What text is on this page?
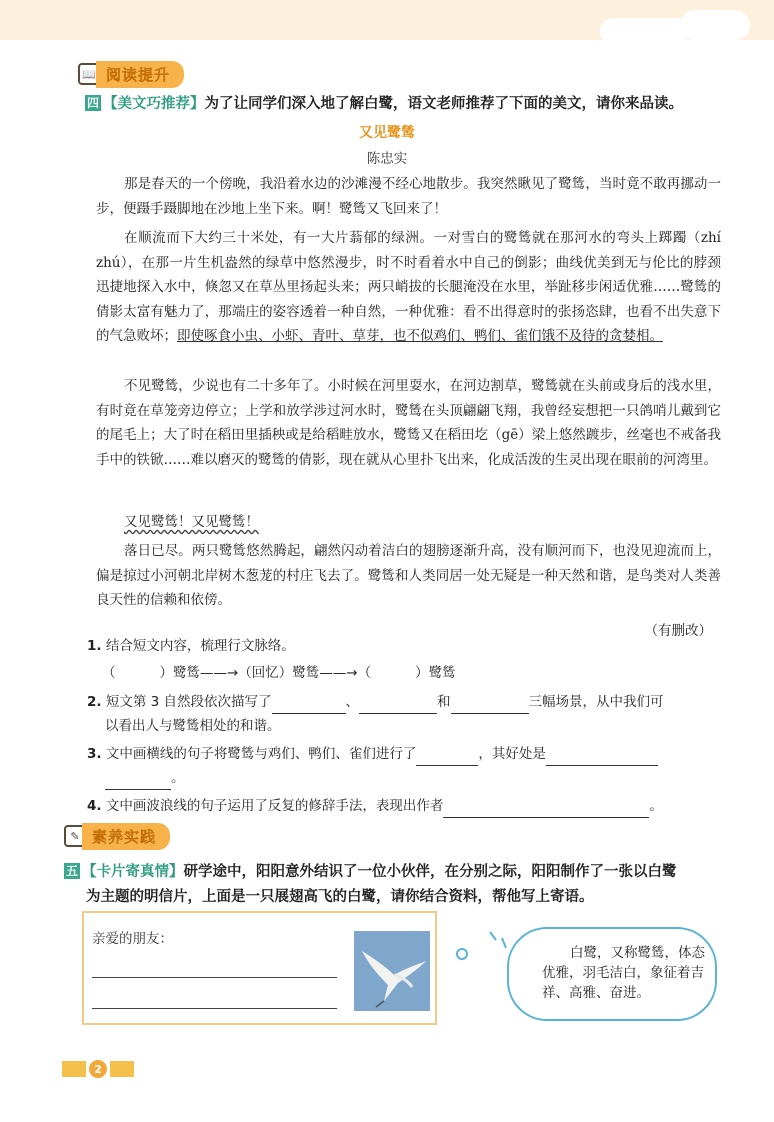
📖 阅读提升
四 【美文巧推荐】 为了让同学们深入地了解白鹭，语文老师推荐了下面的美文，请你来品读。
又见鹭鸶
陈忠实
那是春天的一个傍晚，我沿着水边的沙滩漫不经心地散步。我突然瞅见了鹭鸶，当时竟不敢再挪动一步，便蹑手蹑脚地在沙地上坐下来。啊！鹭鸶又飞回来了！
在顺流而下大约三十米处，有一大片蓊郁的绿洲。一对雪白的鹭鸶就在那河水的弯头上踯躅（zhí zhú），在那一片生机盎然的绿草中悠然漫步，时不时看着水中自己的倒影；曲线优美到无与伦比的脖颈迅捷地探入水中，倏忽又在草丛里扬起头来；两只峭拔的长腿淹没在水里，举趾移步闲适优雅……鹭鸶的倩影太富有魅力了，那端庄的姿容透着一种自然，一种优雅：看不出得意时的张扬恣肆，也看不出失意下的气急败坏；即使啄食小虫、小虾、青叶、草芽，也不似鸡们、鸭们、雀们饿不及待的贪婪相。
不见鹭鸶，少说也有二十多年了。小时候在河里耍水，在河边割草，鹭鸶就在头前或身后的浅水里，有时竟在草笼旁边停立；上学和放学涉过河水时，鹭鸶在头顶翩翩飞翔，我曾经妄想把一只鸽哨儿戴到它的尾毛上；大了时在稻田里插秧或是给稻畦放水，鹭鸶又在稻田圪（gē）梁上悠然踱步，丝毫也不戒备我手中的铁锨……难以磨灭的鹭鸶的倩影，现在就从心里扑飞出来，化成活泼的生灵出现在眼前的河湾里。
又见鹭鸶！又见鹭鸶！
落日已尽。两只鹭鸶悠然腾起，翩然闪动着洁白的翅膀逐渐升高，没有顺河而下，也没见迎流而上，偏是掠过小河朝北岸树木葱茏的村庄飞去了。鹭鸶和人类同居一处无疑是一种天然和谐，是鸟类对人类善良天性的信赖和依傍。
（有删改）
1. 结合短文内容，梳理行文脉络。
（	）鹭鸶——→（回忆）鹭鸶——→（	）鹭鸶
2. 短文第 3 自然段依次描写了	、	和	三幅场景，从中我们可
以看出人与鹭鸶相处的和谐。
3. 文中画横线的句子将鹭鸶与鸡们、鸭们、雀们进行了	，其好处是
。
4. 文中画波浪线的句子运用了反复的修辞手法，表现出作者	。
✎ 素养实践
五 【卡片寄真情】 研学途中，阳阳意外结识了一位小伙伴，在分别之际，阳阳制作了一张以白鹭
为主题的明信片，上面是一只展翅高飞的白鹭，请你结合资料，帮他写上寄语。
亲爱的朋友：
白鹭，又称鹭鸶，体态优雅，羽毛洁白，象征着吉祥、高雅、奋进。
2
